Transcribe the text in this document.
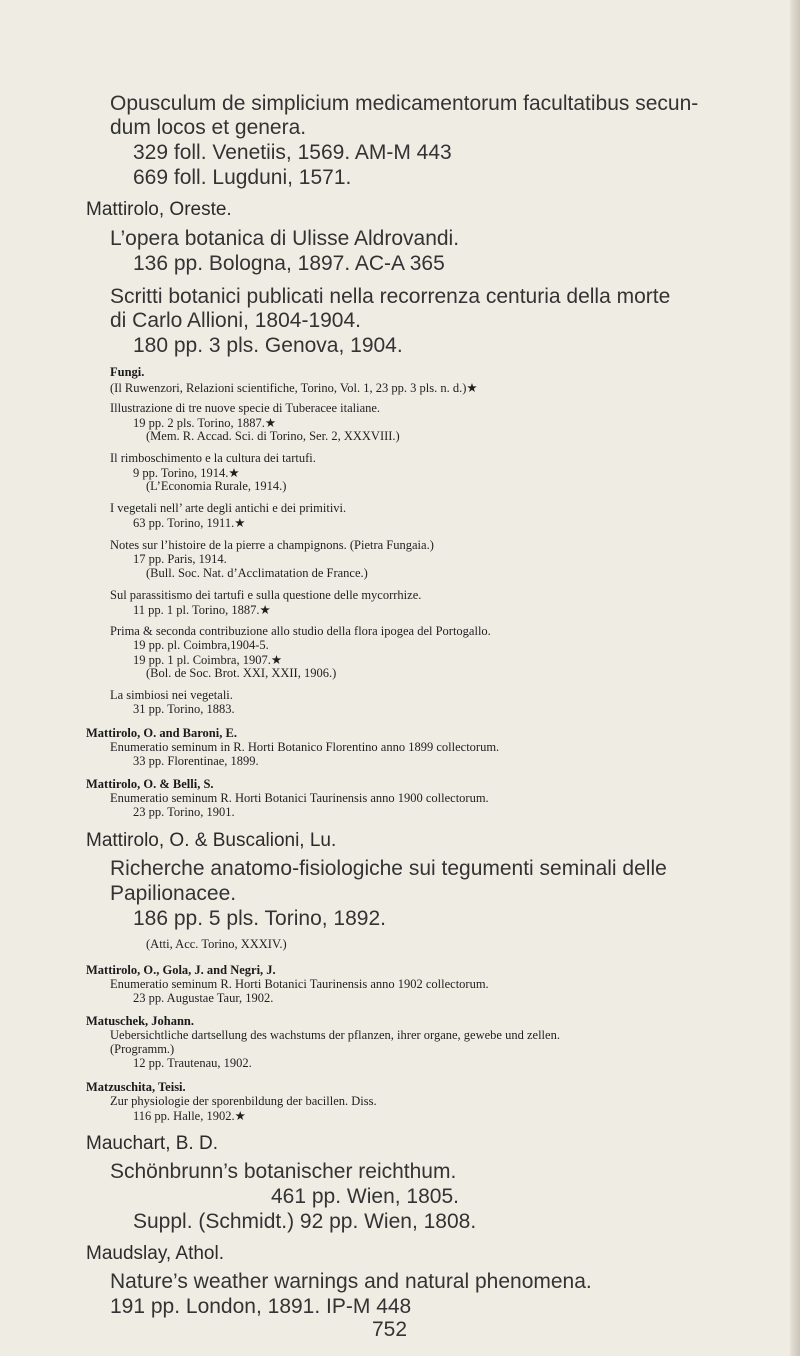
Opusculum de simplicium medicamentorum facultatibus secun-
dum locos et genera.
329 foll. Venetiis, 1569. AM-M 443
669 foll. Lugduni, 1571.
Mattirolo, Oreste.
L’opera botanica di Ulisse Aldrovandi.
136 pp. Bologna, 1897. AC-A 365
Scritti botanici publicati nella recorrenza centuria della morte
di Carlo Allioni, 1804-1904.
180 pp. 3 pls. Genova, 1904.
Fungi.
(Il Ruwenzori, Relazioni scientifiche, Torino, Vol. 1, 23 pp. 3 pls. n. d.)★
Illustrazione di tre nuove specie di Tuberacee italiane.
19 pp. 2 pls. Torino, 1887.★
(Mem. R. Accad. Sci. di Torino, Ser. 2, XXXVIII.)
Il rimboschimento e la cultura dei tartufi.
9 pp. Torino, 1914.★
(L’Economia Rurale, 1914.)
I vegetali nell’ arte degli antichi e dei primitivi.
63 pp. Torino, 1911.★
Notes sur l’histoire de la pierre a champignons. (Pietra Fungaia.)
17 pp. Paris, 1914.
(Bull. Soc. Nat. d’Acclimatation de France.)
Sul parassitismo dei tartufi e sulla questione delle mycorrhize.
11 pp. 1 pl. Torino, 1887.★
Prima & seconda contribuzione allo studio della flora ipogea del Portogallo.
19 pp. pl. Coimbra,1904-5.
19 pp. 1 pl. Coimbra, 1907.★
(Bol. de Soc. Brot. XXI, XXII, 1906.)
La simbiosi nei vegetali.
31 pp. Torino, 1883.
Mattirolo, O. and Baroni, E.
Enumeratio seminum in R. Horti Botanico Florentino anno 1899 collectorum.
33 pp. Florentinae, 1899.
Mattirolo, O. & Belli, S.
Enumeratio seminum R. Horti Botanici Taurinensis anno 1900 collectorum.
23 pp. Torino, 1901.
Mattirolo, O. & Buscalioni, Lu.
Richerche anatomo-fisiologiche sui tegumenti seminali delle
Papilionacee.
186 pp. 5 pls. Torino, 1892.
(Atti, Acc. Torino, XXXIV.)
Mattirolo, O., Gola, J. and Negri, J.
Enumeratio seminum R. Horti Botanici Taurinensis anno 1902 collectorum.
23 pp. Augustae Taur, 1902.
Matuschek, Johann.
Uebersichtliche dartsellung des wachstums der pflanzen, ihrer organe, gewebe und zellen.
(Programm.)
12 pp. Trautenau, 1902.
Matzuschita, Teisi.
Zur physiologie der sporenbildung der bacillen. Diss.
116 pp. Halle, 1902.★
Mauchart, B. D.
Schönbrunn’s botanischer reichthum.
461 pp. Wien, 1805.
Suppl. (Schmidt.) 92 pp. Wien, 1808.
Maudslay, Athol.
Nature’s weather warnings and natural phenomena.
191 pp. London, 1891. IP-M 448
752
